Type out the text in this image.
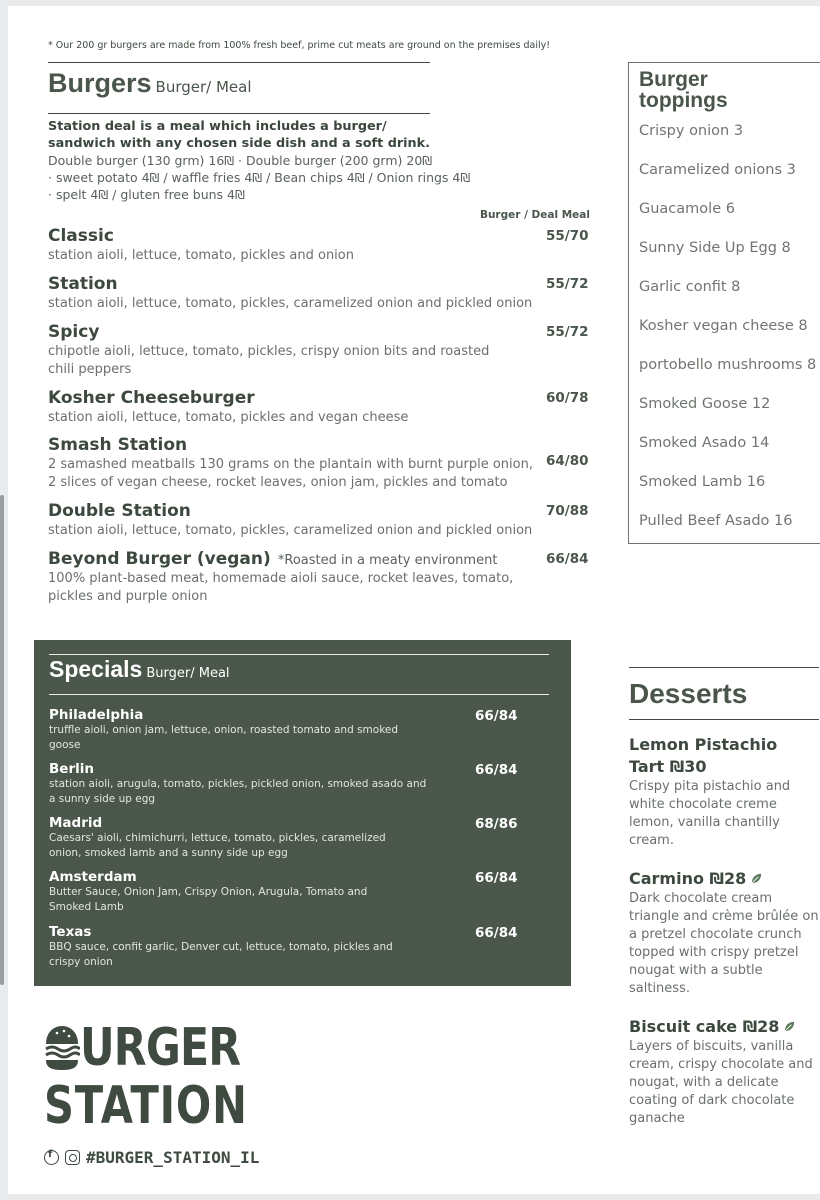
* Our 200 gr burgers are made from 100% fresh beef, prime cut meats are ground on the premises daily!
Burgers Burger/ Meal
Station deal is a meal which includes a burger/
sandwich with any chosen side dish and a soft drink.
Double burger (130 grm) 16₪ · Double burger (200 grm) 20₪
· sweet potato 4₪ / waffle fries 4₪ / Bean chips 4₪ / Onion rings 4₪
· spelt 4₪ / gluten free buns 4₪
Burger / Deal Meal
Classic
station aioli, lettuce, tomato, pickles and onion
55/70
Station
station aioli, lettuce, tomato, pickles, caramelized onion and pickled onion
55/72
Spicy
chipotle aioli, lettuce, tomato, pickles, crispy onion bits and roasted chili peppers
55/72
Kosher Cheeseburger
station aioli, lettuce, tomato, pickles and vegan cheese
60/78
Smash Station
2 samashed meatballs 130 grams on the plantain with burnt purple onion, 2 slices of vegan cheese, rocket leaves, onion jam, pickles and tomato
64/80
Double Station
station aioli, lettuce, tomato, pickles, caramelized onion and pickled onion
70/88
Beyond Burger (vegan) *Roasted in a meaty environment
100% plant-based meat, homemade aioli sauce, rocket leaves, tomato, pickles and purple onion
66/84
Burger
toppings
Crispy onion 3
Caramelized onions 3
Guacamole 6
Sunny Side Up Egg 8
Garlic confit 8
Kosher vegan cheese 8
portobello mushrooms 8
Smoked Goose 12
Smoked Asado 14
Smoked Lamb 16
Pulled Beef Asado 16
Specials Burger/ Meal
Philadelphia
truffle aioli, onion jam, lettuce, onion, roasted tomato and smoked goose
66/84
Berlin
station aioli, arugula, tomato, pickles, pickled onion, smoked asado and a sunny side up egg
66/84
Madrid
Caesars' aioli, chimichurri, lettuce, tomato, pickles, caramelized onion, smoked lamb and a sunny side up egg
68/86
Amsterdam
Butter Sauce, Onion Jam, Crispy Onion, Arugula, Tomato and Smoked Lamb
66/84
Texas
BBQ sauce, confit garlic, Denver cut, lettuce, tomato, pickles and crispy onion
66/84
Desserts
Lemon Pistachio Tart ₪30
Crispy pita pistachio and white chocolate creme lemon, vanilla chantilly cream.
Carmino ₪28
Dark chocolate cream triangle and crème brûlée on a pretzel chocolate crunch topped with crispy pretzel nougat with a subtle saltiness.
Biscuit cake ₪28
Layers of biscuits, vanilla cream, crispy chocolate and nougat, with a delicate coating of dark chocolate ganache
URGER
STATION
f#BURGER_STATION_IL
